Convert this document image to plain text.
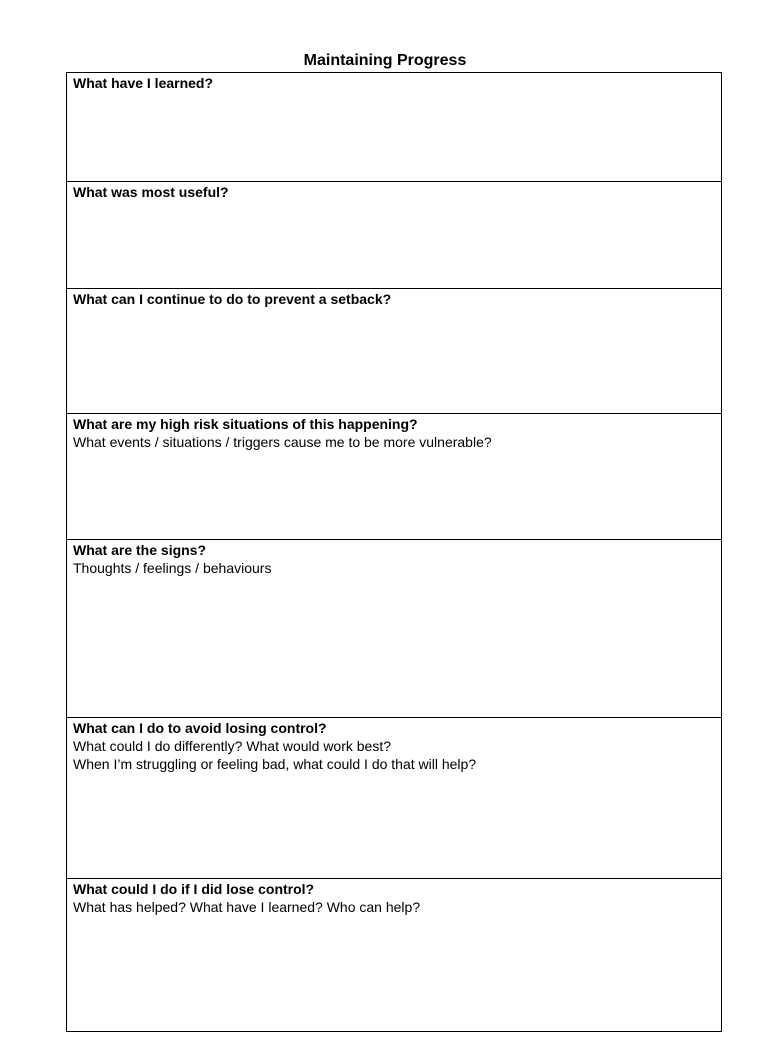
Maintaining Progress
What have I learned?
What was most useful?
What can I continue to do to prevent a setback?
What are my high risk situations of this happening?
What events / situations / triggers cause me to be more vulnerable?
What are the signs?
Thoughts / feelings / behaviours
What can I do to avoid losing control?
What could I do differently? What would work best?
When I’m struggling or feeling bad, what could I do that will help?
What could I do if I did lose control?
What has helped? What have I learned? Who can help?
